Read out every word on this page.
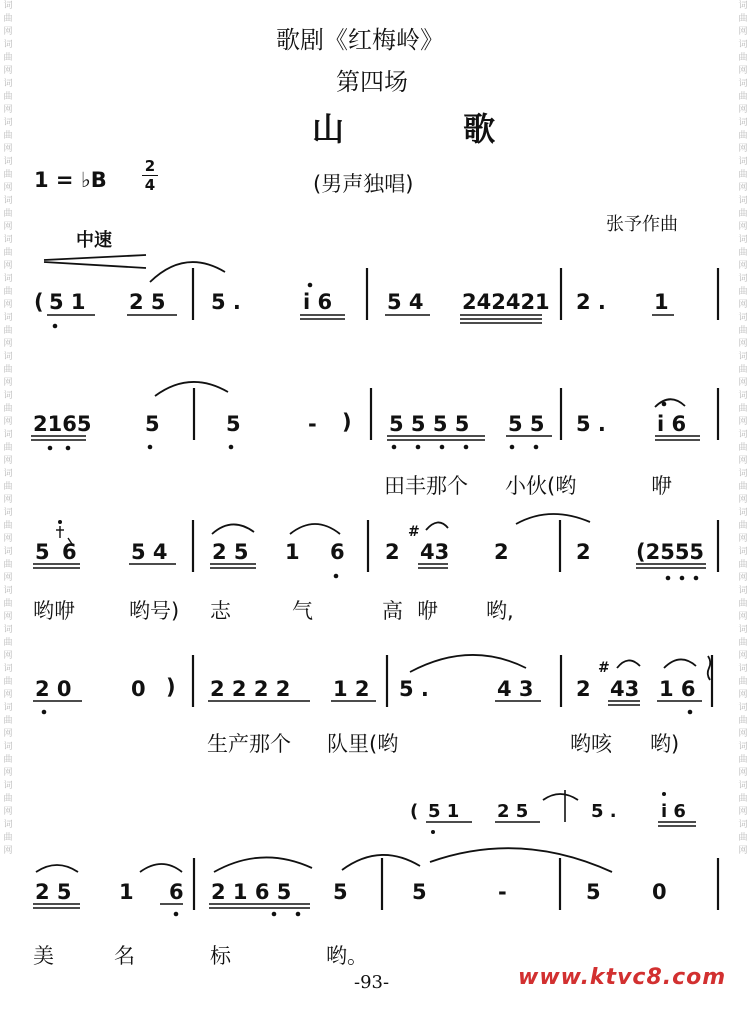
词曲网词曲网词曲网词曲网词曲网词曲网词曲网词曲网词曲网词曲网词曲网词曲网词曲网词曲网词曲网词曲网词曲网词曲网词曲网词曲网词曲网词曲网
词曲网词曲网词曲网词曲网词曲网词曲网词曲网词曲网词曲网词曲网词曲网词曲网词曲网词曲网词曲网词曲网词曲网词曲网词曲网词曲网词曲网词曲网
歌剧《红梅岭》
第四场
山 歌
1 = ♭B
2
4	(男声独唱)
张予作曲
中速
( 5 1 2 5 5 .	i 6	5 4 242421 2 . 1
2165	5	5	- ) 5 5 5 5 5 5 5 . i 6
田丰那个 小伙(哟	咿
5 6	5 4 2 5 1 6 2 43 2	2 (2555
哟咿	哟号) 志	气	高 咿 哟,
2 0	0 ) 2 2 2 2 1 2 5 .	4 3 2 43 1 6
生产那个 队里(哟	哟咳 哟)
( 5 1 2 5	5 . i 6
2 5 1 6 2 1 6 5 5	5	-	5 0
美	名	标	哟。
-93-	www.ktvc8.com
#
#
